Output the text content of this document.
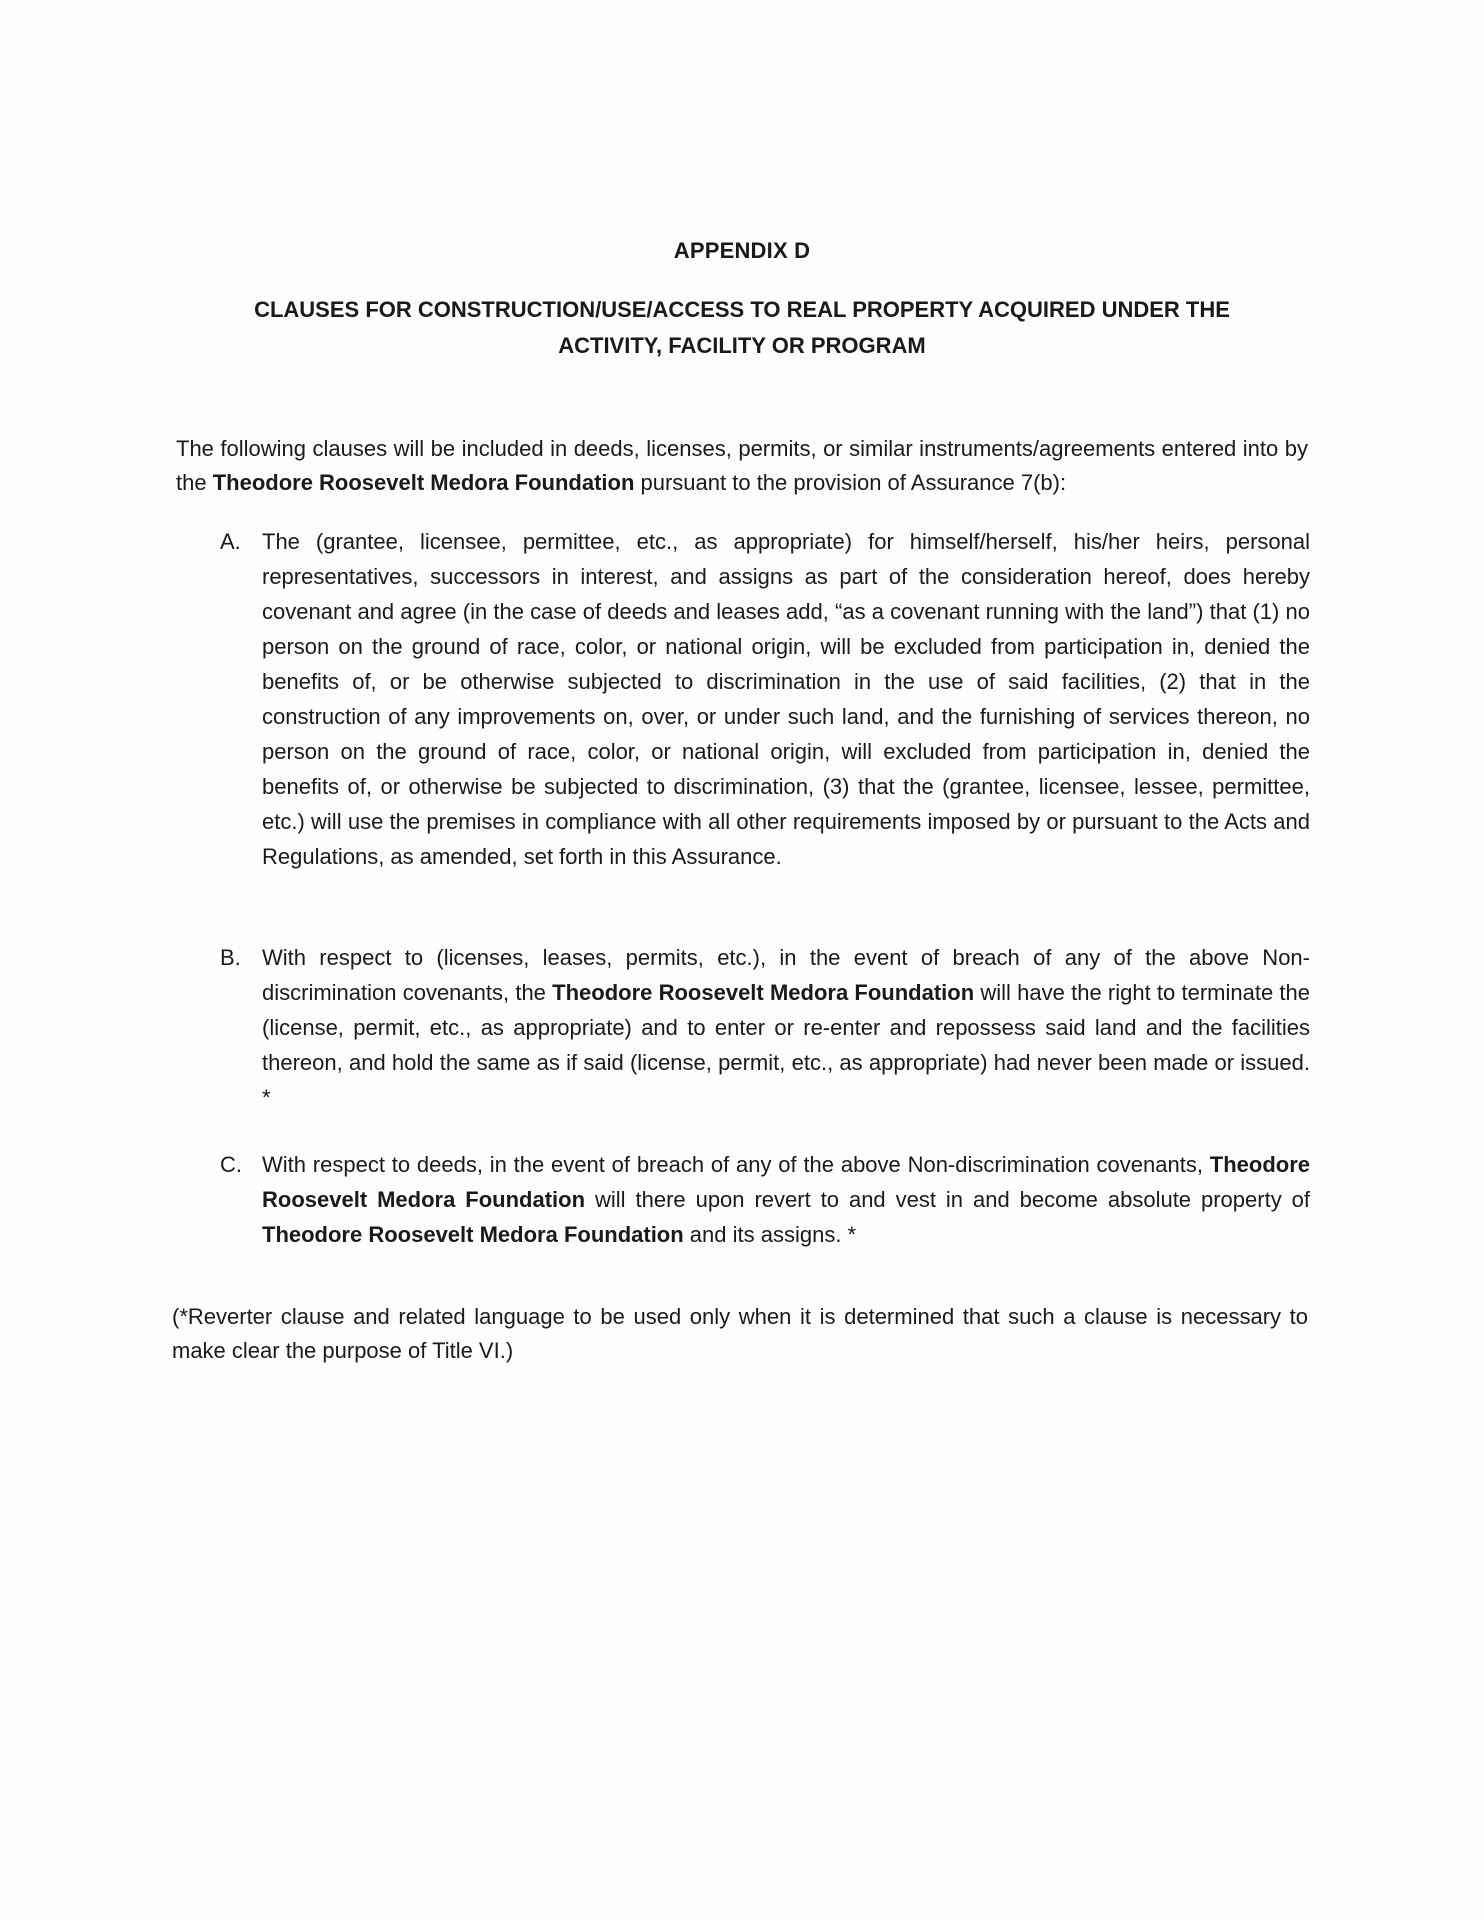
APPENDIX D
CLAUSES FOR CONSTRUCTION/USE/ACCESS TO REAL PROPERTY ACQUIRED UNDER THE ACTIVITY, FACILITY OR PROGRAM

The following clauses will be included in deeds, licenses, permits, or similar instruments/agreements entered into by the Theodore Roosevelt Medora Foundation pursuant to the provision of Assurance 7(b):

A. The (grantee, licensee, permittee, etc., as appropriate) for himself/herself, his/her heirs, personal representatives, successors in interest, and assigns as part of the consideration hereof, does hereby covenant and agree (in the case of deeds and leases add, “as a covenant running with the land”) that (1) no person on the ground of race, color, or national origin, will be excluded from participation in, denied the benefits of, or be otherwise subjected to discrimination in the use of said facilities, (2) that in the construction of any improvements on, over, or under such land, and the furnishing of services thereon, no person on the ground of race, color, or national origin, will excluded from participation in, denied the benefits of, or otherwise be subjected to discrimination, (3) that the (grantee, licensee, lessee, permittee, etc.) will use the premises in compliance with all other requirements imposed by or pursuant to the Acts and Regulations, as amended, set forth in this Assurance.
B. With respect to (licenses, leases, permits, etc.), in the event of breach of any of the above Non-discrimination covenants, the Theodore Roosevelt Medora Foundation will have the right to terminate the (license, permit, etc., as appropriate) and to enter or re-enter and repossess said land and the facilities thereon, and hold the same as if said (license, permit, etc., as appropriate) had never been made or issued. *
C. With respect to deeds, in the event of breach of any of the above Non-discrimination covenants, Theodore Roosevelt Medora Foundation will there upon revert to and vest in and become absolute property of Theodore Roosevelt Medora Foundation and its assigns. *

(*Reverter clause and related language to be used only when it is determined that such a clause is necessary to make clear the purpose of Title VI.)
